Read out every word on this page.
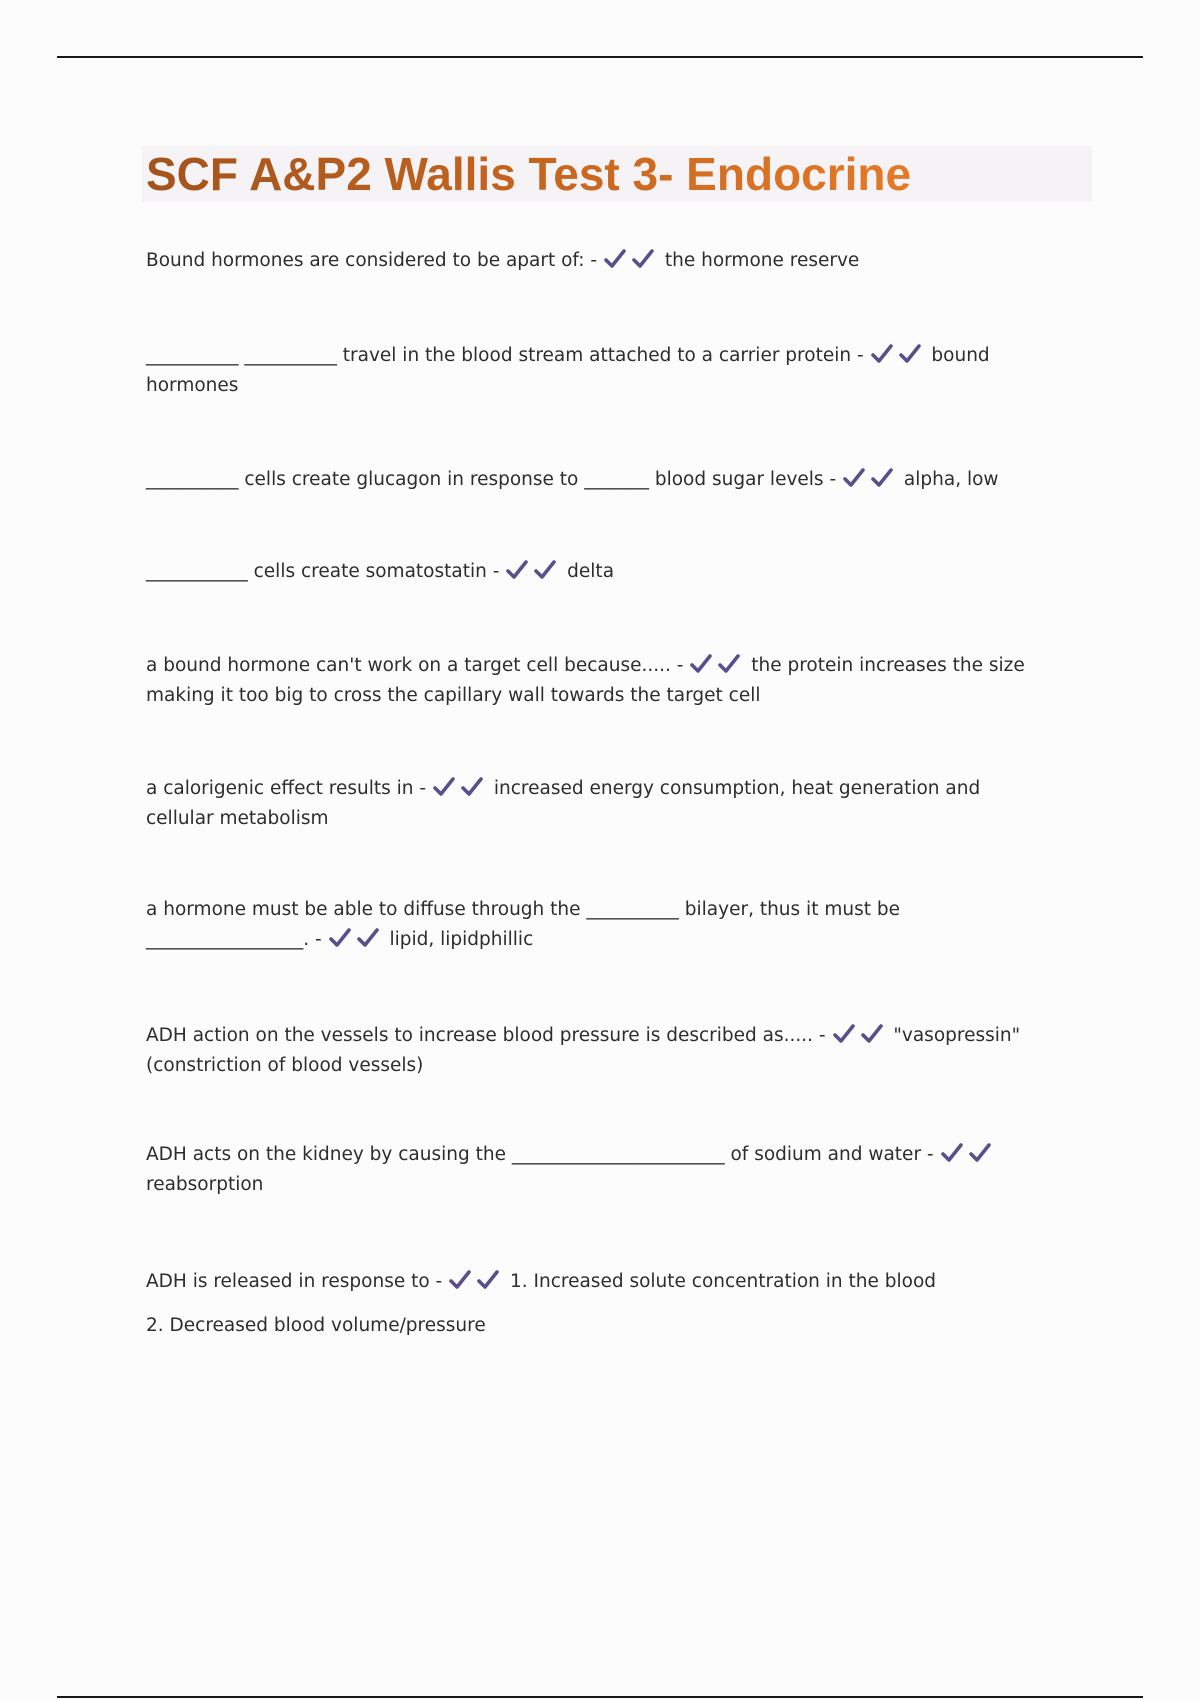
SCF A&P2 Wallis Test 3- Endocrine
Bound hormones are considered to be apart of: -	the hormone reserve
__________ __________ travel in the blood stream attached to a carrier protein -	bound hormones
__________ cells create glucagon in response to _______ blood sugar levels -	alpha, low
___________ cells create somatostatin -	delta
a bound hormone can't work on a target cell because..... -	the protein increases the size making it too big to cross the capillary wall towards the target cell
a calorigenic effect results in -	increased energy consumption, heat generation and cellular metabolism
a hormone must be able to diffuse through the __________ bilayer, thus it must be _________________. -	lipid, lipidphillic
ADH action on the vessels to increase blood pressure is described as..... -	"vasopressin" (constriction of blood vessels)
ADH acts on the kidney by causing the _______________________ of sodium and water -
reabsorption
ADH is released in response to -	1. Increased solute concentration in the blood
2. Decreased blood volume/pressure
